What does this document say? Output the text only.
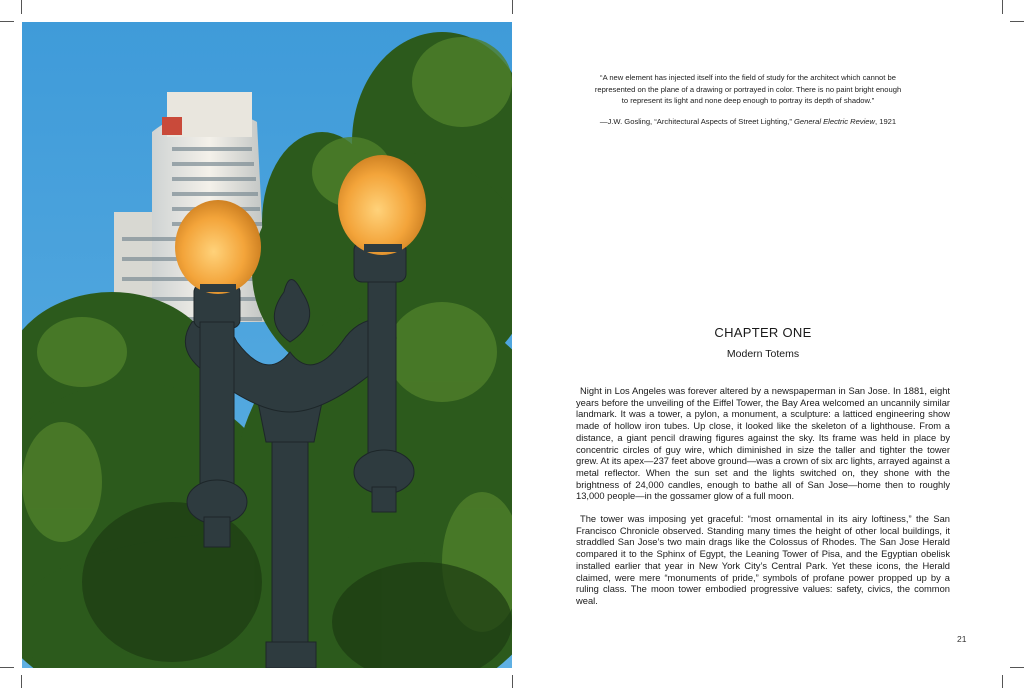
“A new element has injected itself into the field of study for the architect which cannot be
represented on the plane of a drawing or portrayed in color. There is no paint bright enough
to represent its light and none deep enough to portray its depth of shadow.”
—J.W. Gosling, “Architectural Aspects of Street Lighting,” General Electric Review, 1921
CHAPTER ONE
Modern Totems

Night in Los Angeles was forever altered by a newspaperman in San Jose. In 1881, eight years before the unveiling of the Eiffel Tower, the Bay Area welcomed an uncannily similar landmark. It was a tower, a pylon, a monument, a sculpture: a latticed engineering show made of hollow iron tubes. Up close, it looked like the skeleton of a lighthouse. From a distance, a giant pencil drawing figures against the sky. Its frame was held in place by concentric circles of guy wire, which diminished in size the taller and tighter the tower grew. At its apex—237 feet above ground—was a crown of six arc lights, arrayed against a metal reflector. When the sun set and the lights switched on, they shone with the brightness of 24,000 candles, enough to bathe all of San Jose—home then to roughly 13,000 people—in the gossamer glow of a full moon.

The tower was imposing yet graceful: “most ornamental in its airy loftiness,” the San Francisco Chronicle observed. Standing many times the height of other local buildings, it straddled San Jose’s two main drags like the Colossus of Rhodes. The San Jose Herald compared it to the Sphinx of Egypt, the Leaning Tower of Pisa, and the Egyptian obelisk installed earlier that year in New York City’s Central Park. Yet these icons, the Herald claimed, were mere “monuments of pride,” symbols of profane power propped up by a ruling class. The moon tower embodied progressive values: safety, civics, the common weal.

21
